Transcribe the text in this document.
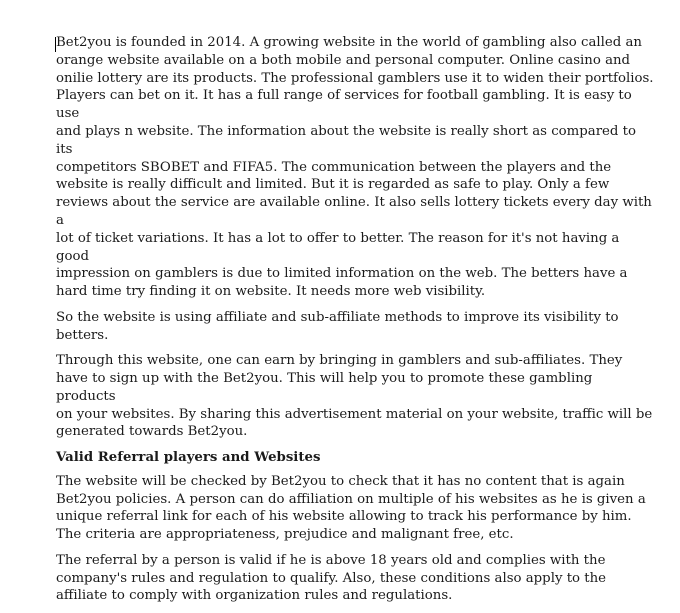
Bet2you is founded in 2014. A growing website in the world of gambling also called an
orange website available on a both mobile and personal computer. Online casino and
onilie lottery are its products. The professional gamblers use it to widen their portfolios.
Players can bet on it. It has a full range of services for football gambling. It is easy to use
and plays n website. The information about the website is really short as compared to its
competitors SBOBET and FIFA5. The communication between the players and the
website is really difficult and limited. But it is regarded as safe to play. Only a few
reviews about the service are available online. It also sells lottery tickets every day with a
lot of ticket variations. It has a lot to offer to better. The reason for it's not having a good
impression on gamblers is due to limited information on the web. The betters have a
hard time try finding it on website. It needs more web visibility.

So the website is using affiliate and sub-affiliate methods to improve its visibility to
betters.

Through this website, one can earn by bringing in gamblers and sub-affiliates. They
have to sign up with the Bet2you. This will help you to promote these gambling products
on your websites. By sharing this advertisement material on your website, traffic will be
generated towards Bet2you.

Valid Referral players and Websites

The website will be checked by Bet2you to check that it has no content that is again
Bet2you policies. A person can do affiliation on multiple of his websites as he is given a
unique referral link for each of his website allowing to track his performance by him.
The criteria are appropriateness, prejudice and malignant free, etc.

The referral by a person is valid if he is above 18 years old and complies with the
company's rules and regulation to qualify. Also, these conditions also apply to the
affiliate to comply with organization rules and regulations.
